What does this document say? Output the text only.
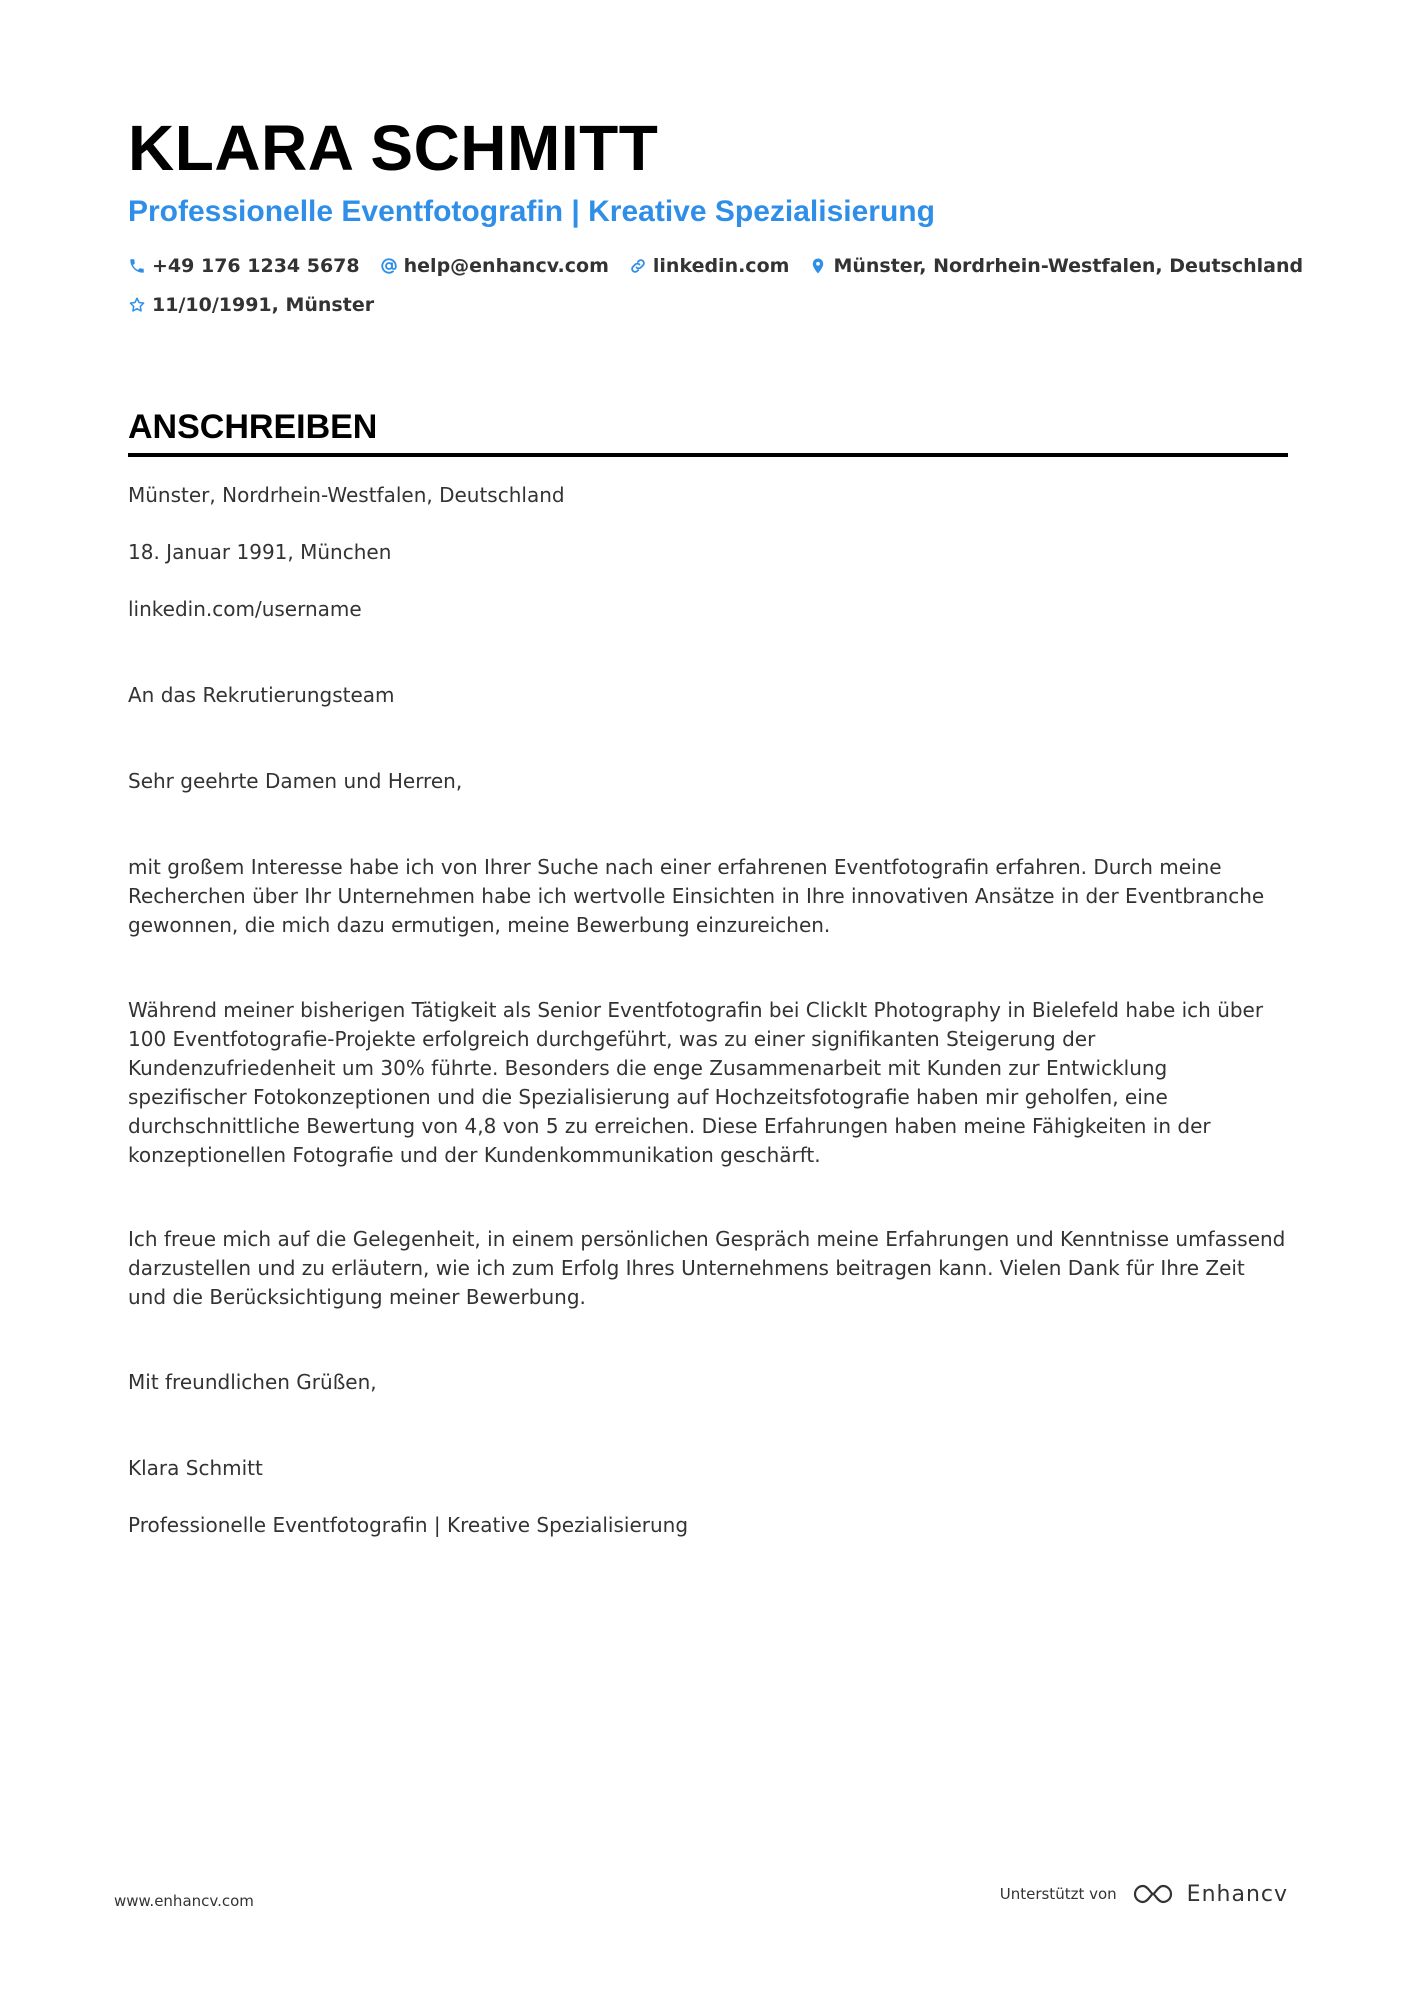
KLARA SCHMITT
Professionelle Eventfotografin | Kreative Spezialisierung
+49 176 1234 5678 help@enhancv.com linkedin.com Münster, Nordrhein-Westfalen, Deutschland
11/10/1991, Münster
ANSCHREIBEN
Münster, Nordrhein-Westfalen, Deutschland
18. Januar 1991, München
linkedin.com/username
An das Rekrutierungsteam
Sehr geehrte Damen und Herren,
mit großem Interesse habe ich von Ihrer Suche nach einer erfahrenen Eventfotografin erfahren. Durch meine Recherchen über Ihr Unternehmen habe ich wertvolle Einsichten in Ihre innovativen Ansätze in der Eventbranche gewonnen, die mich dazu ermutigen, meine Bewerbung einzureichen.
Während meiner bisherigen Tätigkeit als Senior Eventfotografin bei ClickIt Photography in Bielefeld habe ich über 100 Eventfotografie-Projekte erfolgreich durchgeführt, was zu einer signifikanten Steigerung der Kundenzufriedenheit um 30% führte. Besonders die enge Zusammenarbeit mit Kunden zur Entwicklung spezifischer Fotokonzeptionen und die Spezialisierung auf Hochzeitsfotografie haben mir geholfen, eine durchschnittliche Bewertung von 4,8 von 5 zu erreichen. Diese Erfahrungen haben meine Fähigkeiten in der konzeptionellen Fotografie und der Kundenkommunikation geschärft.
Ich freue mich auf die Gelegenheit, in einem persönlichen Gespräch meine Erfahrungen und Kenntnisse umfassend darzustellen und zu erläutern, wie ich zum Erfolg Ihres Unternehmens beitragen kann. Vielen Dank für Ihre Zeit und die Berücksichtigung meiner Bewerbung.
Mit freundlichen Grüßen,
Klara Schmitt
Professionelle Eventfotografin | Kreative Spezialisierung
www.enhancv.com	Unterstützt von	Enhancv
